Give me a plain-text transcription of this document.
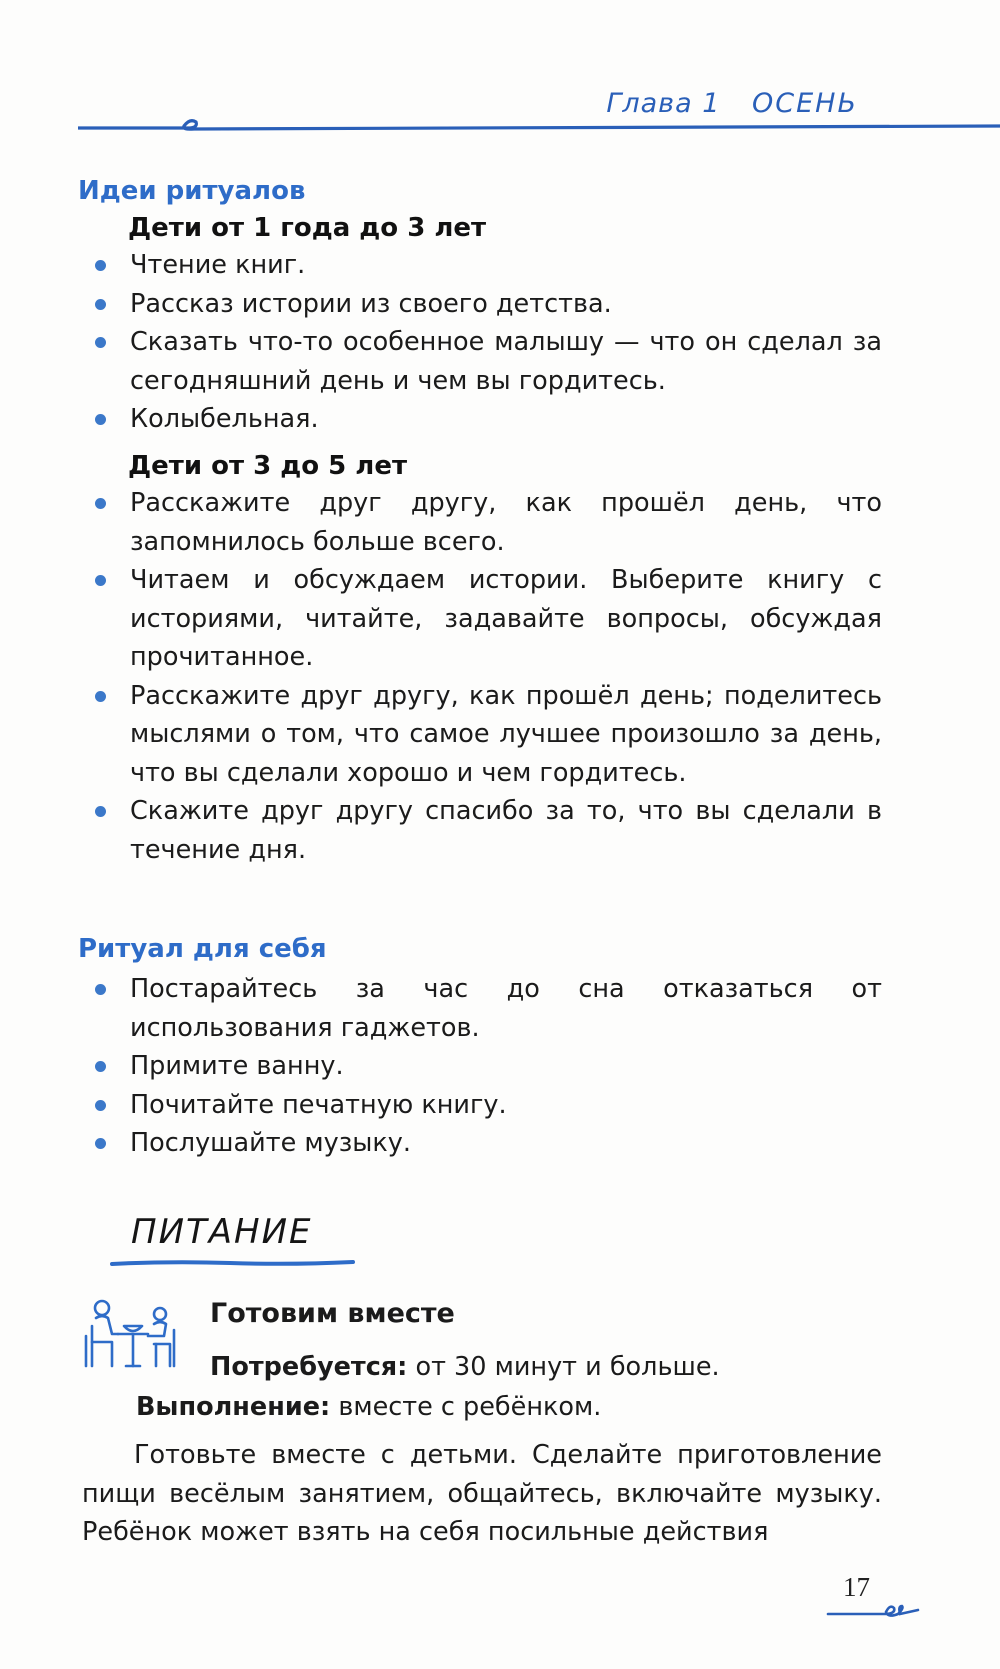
Глава 1 ОСЕНЬ
Идеи ритуалов
Дети от 1 года до 3 лет
Чтение книг.
Рассказ истории из своего детства.
Сказать что-то особенное малышу — что он сделал за сегодняшний день и чем вы гордитесь.
Колыбельная.
Дети от 3 до 5 лет
Расскажите друг другу, как прошёл день, что запомнилось больше всего.
Читаем и обсуждаем истории. Выберите книгу с историями, читайте, задавайте вопросы, обсуждая прочитанное.
Расскажите друг другу, как прошёл день; поделитесь мыслями о том, что самое лучшее произошло за день, что вы сделали хорошо и чем гордитесь.
Скажите друг другу спасибо за то, что вы сделали в течение дня.
Ритуал для себя
Постарайтесь за час до сна отказаться от использования гаджетов.
Примите ванну.
Почитайте печатную книгу.
Послушайте музыку.
ПИТАНИЕ
Готовим вместе
Потребуется: от 30 минут и больше.
Выполнение: вместе с ребёнком.
Готовьте вместе с детьми. Сделайте приготовление пищи весёлым занятием, общайтесь, включайте музыку. Ребёнок может взять на себя посильные действия
17
